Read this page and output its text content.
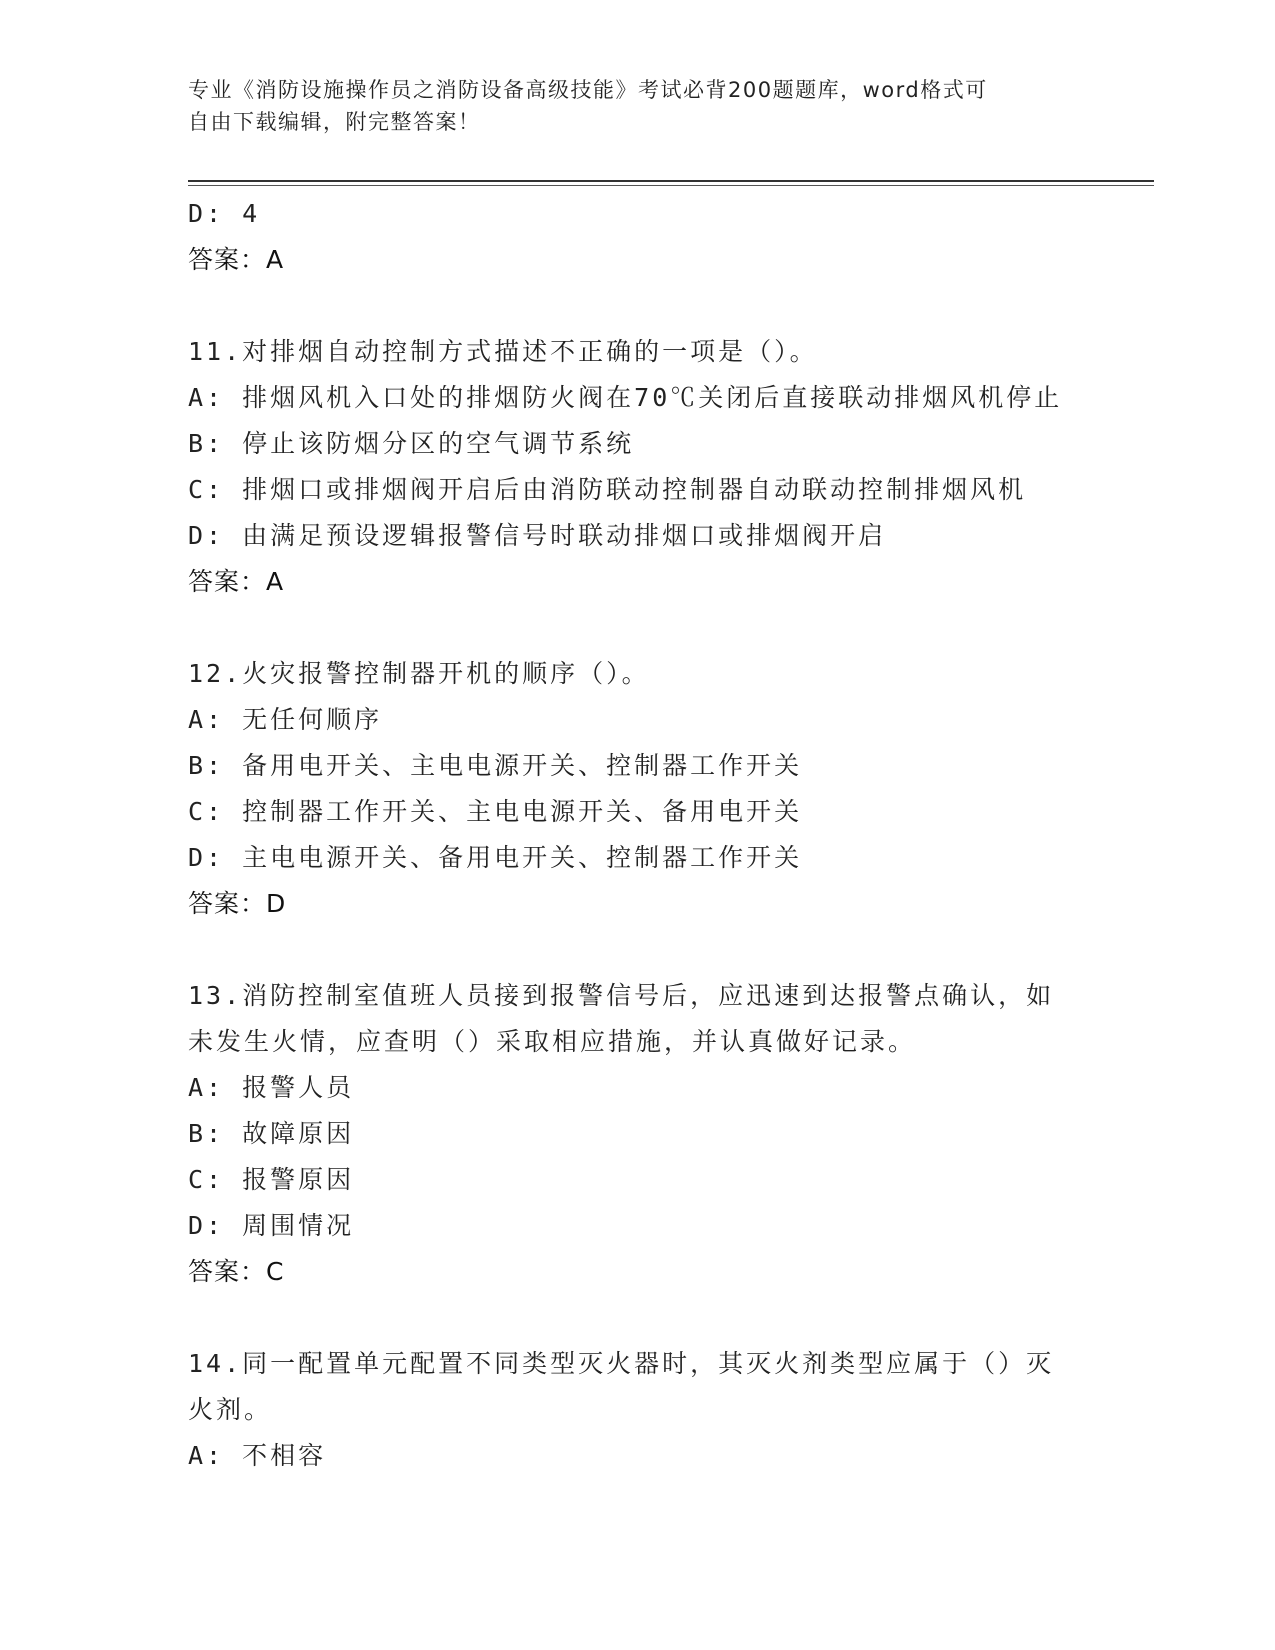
专业《消防设施操作员之消防设备高级技能》考试必背200题题库，word格式可
自由下载编辑，附完整答案！
D: 4
答案：A
11.对排烟自动控制方式描述不正确的一项是（）。
A: 排烟风机入口处的排烟防火阀在70℃关闭后直接联动排烟风机停止
B: 停止该防烟分区的空气调节系统
C: 排烟口或排烟阀开启后由消防联动控制器自动联动控制排烟风机
D: 由满足预设逻辑报警信号时联动排烟口或排烟阀开启
答案：A
12.火灾报警控制器开机的顺序（）。
A: 无任何顺序
B: 备用电开关、主电电源开关、控制器工作开关
C: 控制器工作开关、主电电源开关、备用电开关
D: 主电电源开关、备用电开关、控制器工作开关
答案：D
13.消防控制室值班人员接到报警信号后，应迅速到达报警点确认，如
未发生火情，应查明（）采取相应措施，并认真做好记录。
A: 报警人员
B: 故障原因
C: 报警原因
D: 周围情况
答案：C
14.同一配置单元配置不同类型灭火器时，其灭火剂类型应属于（）灭
火剂。
A: 不相容
